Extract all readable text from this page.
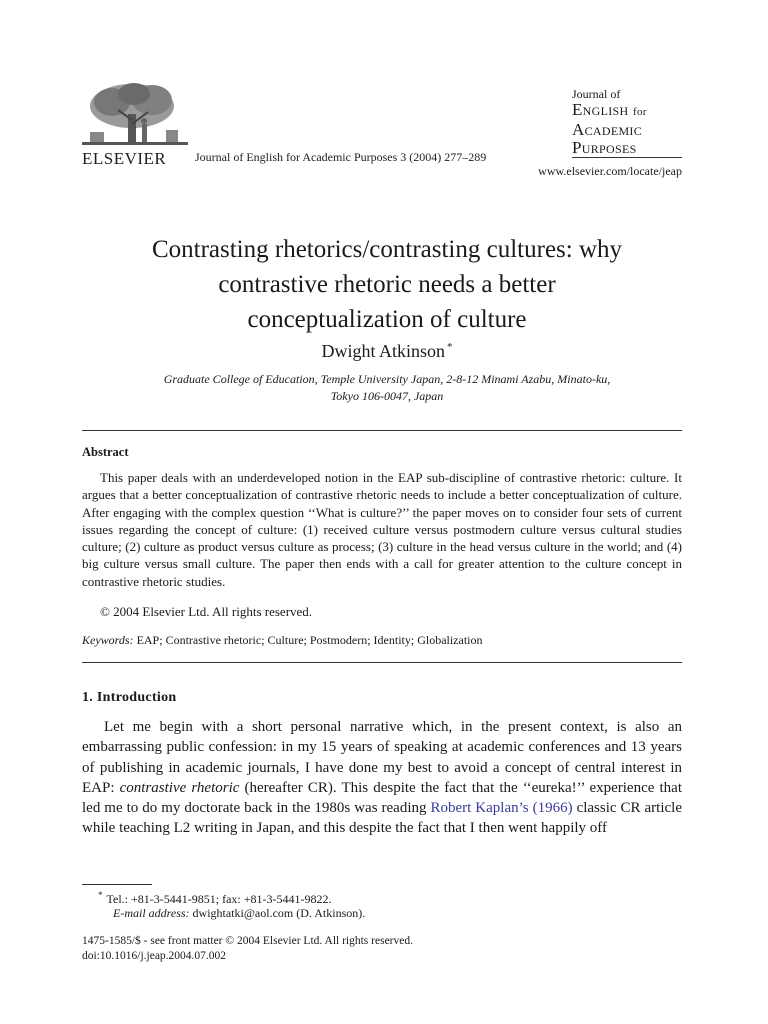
ELSEVIER Journal of English for Academic Purposes 3 (2004) 277–289
Journal of
English for
Academic
Purposes
www.elsevier.com/locate/jeap
Contrasting rhetorics/contrasting cultures: why
contrastive rhetoric needs a better
conceptualization of culture
Dwight Atkinson *
Graduate College of Education, Temple University Japan, 2-8-12 Minami Azabu, Minato-ku,
Tokyo 106-0047, Japan
Abstract

This paper deals with an underdeveloped notion in the EAP sub-discipline of contrastive rhetoric: culture. It argues that a better conceptualization of contrastive rhetoric needs to include a better conceptualization of culture. After engaging with the complex question ‘‘What is culture?’’ the paper moves on to consider four sets of current issues regarding the concept of culture: (1) received culture versus postmodern culture versus cultural studies culture; (2) culture as product versus culture as process; (3) culture in the head versus culture in the world; and (4) big culture versus small culture. The paper then ends with a call for greater attention to the culture concept in contrastive rhetoric studies.

© 2004 Elsevier Ltd. All rights reserved.
Keywords: EAP; Contrastive rhetoric; Culture; Postmodern; Identity; Globalization
1. Introduction

Let me begin with a short personal narrative which, in the present context, is also an embarrassing public confession: in my 15 years of speaking at academic conferences and 13 years of publishing in academic journals, I have done my best to avoid a concept of central interest in EAP: contrastive rhetoric (hereafter CR). This despite the fact that the ‘‘eureka!’’ experience that led me to do my doctorate back in the 1980s was reading Robert Kaplan’s (1966) classic CR article while teaching L2 writing in Japan, and this despite the fact that I then went happily off

* Tel.: +81-3-5441-9851; fax: +81-3-5441-9822.
E-mail address: dwightatki@aol.com (D. Atkinson).
1475-1585/$ - see front matter © 2004 Elsevier Ltd. All rights reserved.
doi:10.1016/j.jeap.2004.07.002
